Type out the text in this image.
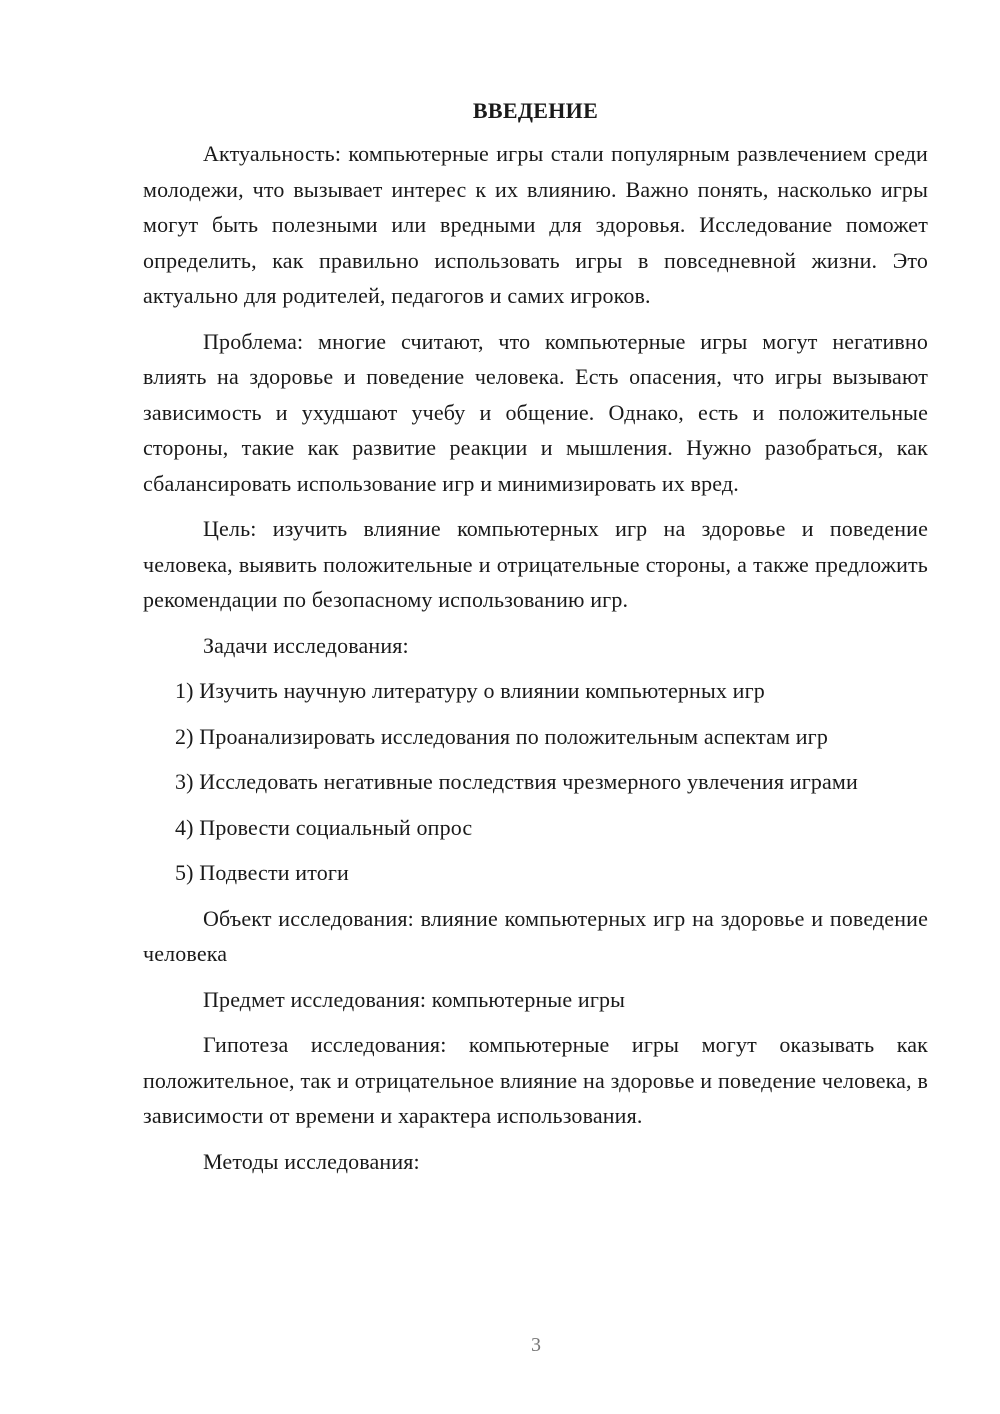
ВВЕДЕНИЕ

Актуальность: компьютерные игры стали популярным развлечением среди молодежи, что вызывает интерес к их влиянию. Важно понять, насколько игры могут быть полезными или вредными для здоровья. Исследование поможет определить, как правильно использовать игры в повседневной жизни. Это актуально для родителей, педагогов и самих игроков.

Проблема: многие считают, что компьютерные игры могут негативно влиять на здоровье и поведение человека. Есть опасения, что игры вызывают зависимость и ухудшают учебу и общение. Однако, есть и положительные стороны, такие как развитие реакции и мышления. Нужно разобраться, как сбалансировать использование игр и минимизировать их вред.

Цель: изучить влияние компьютерных игр на здоровье и поведение человека, выявить положительные и отрицательные стороны, а также предложить рекомендации по безопасному использованию игр.

Задачи исследования:

1) Изучить научную литературу о влиянии компьютерных игр

2) Проанализировать исследования по положительным аспектам игр

3) Исследовать негативные последствия чрезмерного увлечения играми

4) Провести социальный опрос

5) Подвести итоги

Объект исследования: влияние компьютерных игр на здоровье и поведение человека

Предмет исследования: компьютерные игры

Гипотеза исследования: компьютерные игры могут оказывать как положительное, так и отрицательное влияние на здоровье и поведение человека, в зависимости от времени и характера использования.

Методы исследования:

3
